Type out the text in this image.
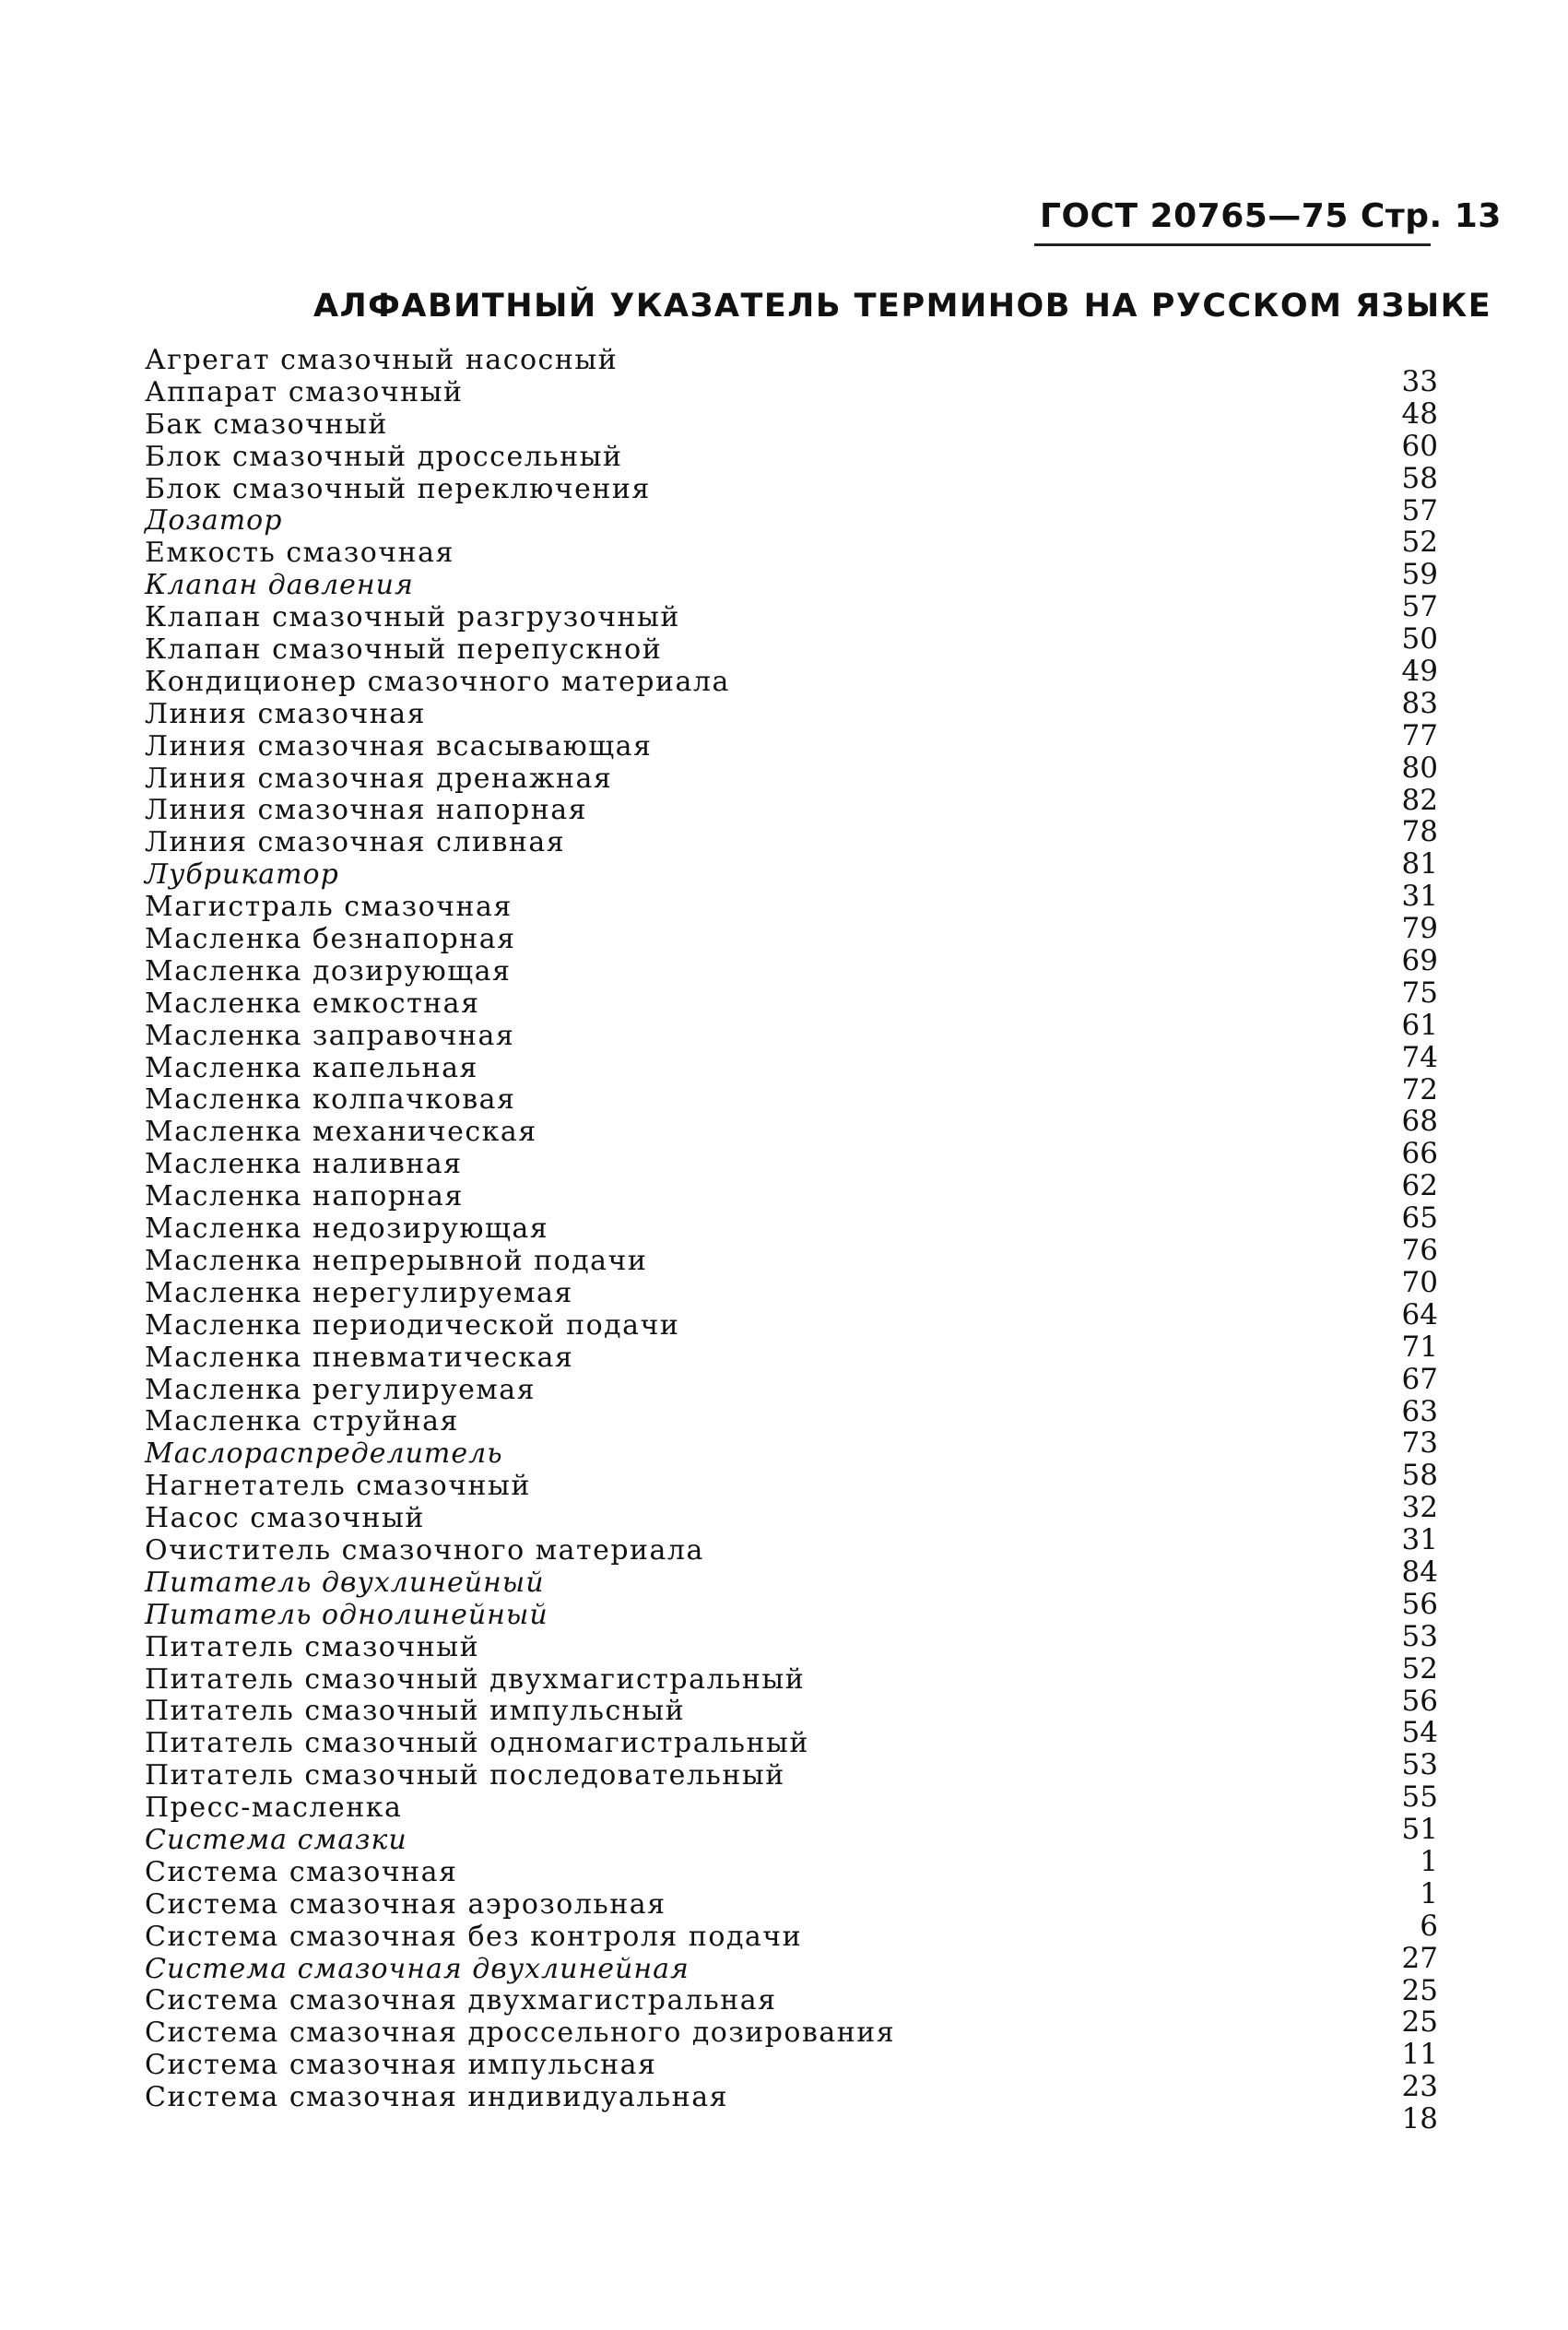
ГОСТ 20765—75 Стр. 13
АЛФАВИТНЫЙ УКАЗАТЕЛЬ ТЕРМИНОВ НА РУССКОМ ЯЗЫКЕ
Агрегат смазочный насосный
Аппарат смазочный
Бак смазочный
Блок смазочный дроссельный
Блок смазочный переключения
Дозатор
Емкость смазочная
Клапан давления
Клапан смазочный разгрузочный
Клапан смазочный перепускной
Кондиционер смазочного материала
Линия смазочная
Линия смазочная всасывающая
Линия смазочная дренажная
Линия смазочная напорная
Линия смазочная сливная
Лубрикатор
Магистраль смазочная
Масленка безнапорная
Масленка дозирующая
Масленка емкостная
Масленка заправочная
Масленка капельная
Масленка колпачковая
Масленка механическая
Масленка наливная
Масленка напорная
Масленка недозирующая
Масленка непрерывной подачи
Масленка нерегулируемая
Масленка периодической подачи
Масленка пневматическая
Масленка регулируемая
Масленка струйная
Маслораспределитель
Нагнетатель смазочный
Насос смазочный
Очиститель смазочного материала
Питатель двухлинейный
Питатель однолинейный
Питатель смазочный
Питатель смазочный двухмагистральный
Питатель смазочный импульсный
Питатель смазочный одномагистральный
Питатель смазочный последовательный
Пресс-масленка
Система смазки
Система смазочная
Система смазочная аэрозольная
Система смазочная без контроля подачи
Система смазочная двухлинейная
Система смазочная двухмагистральная
Система смазочная дроссельного дозирования
Система смазочная импульсная
Система смазочная индивидуальная
33
48
60
58
57
52
59
57
50
49
83
77
80
82
78
81
31
79
69
75
61
74
72
68
66
62
65
76
70
64
71
67
63
73
58
32
31
84
56
53
52
56
54
53
55
51
1
1
6
27
25
25
11
23
18
